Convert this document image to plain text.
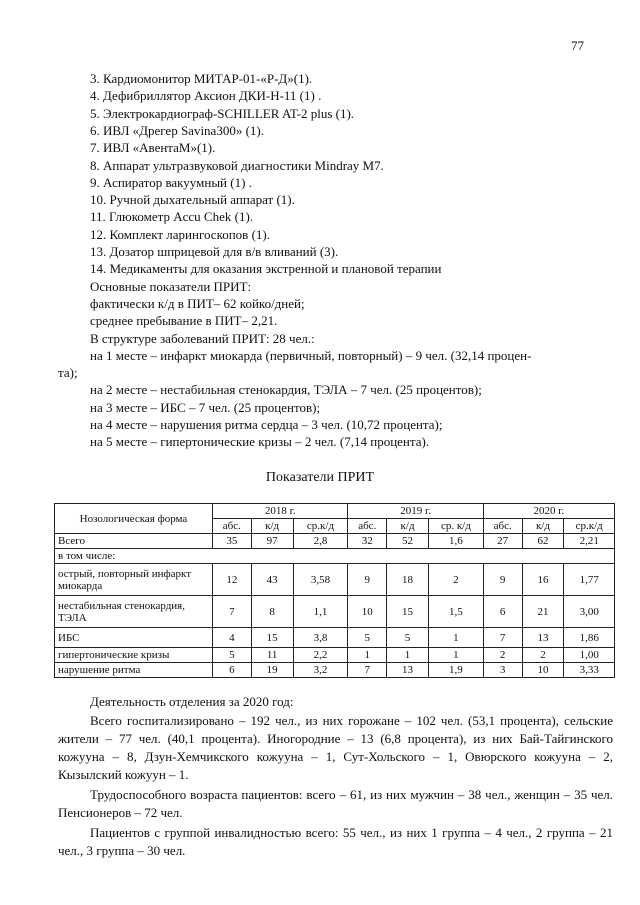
77
3. Кардиомонитор МИТАР-01-«Р-Д»(1).
4. Дефибриллятор Аксион ДКИ-Н-11 (1) .
5. Электрокардиограф-SCHILLER AT-2 plus (1).
6. ИВЛ «Дрегер Savina300» (1).
7. ИВЛ «АвентаМ»(1).
8. Аппарат ультразвуковой диагностики Mindray M7.
9. Аспиратор вакуумный (1) .
10. Ручной дыхательный аппарат (1).
11. Глюкометр Accu Chek (1).
12. Комплект ларингоскопов (1).
13. Дозатор шприцевой для в/в вливаний (3).
14. Медикаменты для оказания экстренной и плановой терапии
Основные показатели ПРИТ:
фактически к/д в ПИТ– 62 койко/дней;
среднее пребывание в ПИТ– 2,21.
В структуре заболеваний ПРИТ: 28 чел.:
на 1 месте – инфаркт миокарда (первичный, повторный) – 9 чел. (32,14 процен-
та);
на 2 месте – нестабильная стенокардия, ТЭЛА – 7 чел. (25 процентов);
Показатели ПРИТ
Нозологическая форма	2018 г.			2019 г.			2020 г.		
	абс.	к/д	ср.к/д	абс.	к/д	ср. к/д	абс.	к/д	ср.к/д
Всего	35	97	2,8	32	52	1,6	27	62	2,21
в том числе:									
острый, повторный инфаркт миокарда	12	43	3,58	9	18	2	9	16	1,77
нестабильная стенокардия, ТЭЛА	7	8	1,1	10	15	1,5	6	21	3,00
ИБС	4	15	3,8	5	5	1	7	13	1,86
гипертонические кризы	5	11	2,2	1	1	1	2	2	1,00
нарушение ритма	6	19	3,2	7	13	1,9	3	10	3,33
Деятельность отделения за 2020 год:
Всего госпитализировано – 192 чел., из них горожане – 102 чел. (53,1 процента), сельские жители – 77 чел. (40,1 процента). Иногородние – 13 (6,8 процента), из них Бай-Тайгинского кожууна – 8, Дзун-Хемчикского кожууна – 1, Сут-Хольского – 1, Овюрского кожууна – 2, Кызылский кожуун – 1.
Трудоспособного возраста пациентов: всего – 61, из них мужчин – 38 чел., женщин – 35 чел. Пенсионеров – 72 чел.
Пациентов с группой инвалидностью всего: 55 чел., из них 1 группа – 4 чел., 2 группа – 21 чел., 3 группа – 30 чел.
на 3 месте – ИБС – 7 чел. (25 процентов);
на 4 месте – нарушения ритма сердца – 3 чел. (10,72 процента);
на 5 месте – гипертонические кризы – 2 чел. (7,14 процента).
